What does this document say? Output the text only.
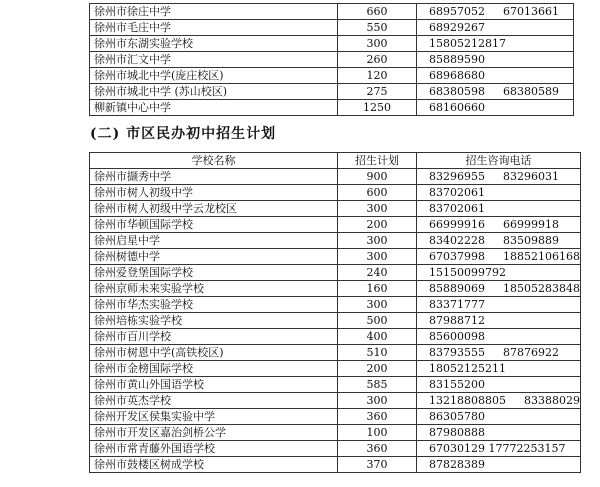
徐州市徐庄中学	660	68957052 67013661
徐州市毛庄中学	550	68929267
徐州市东湖实验学校	300	15805212817
徐州市汇文中学	260	85889590
徐州市城北中学(庞庄校区)	120	68968680
徐州市城北中学 (苏山校区)	275	68380598 68380589
柳新镇中心中学	1250	68160660
(二) 市区民办初中招生计划
学校名称	招生计划	招生咨询电话
徐州市撷秀中学	900	83296955 83296031
徐州市树人初级中学	600	83702061
徐州市树人初级中学云龙校区	300	83702061
徐州市华顿国际学校	200	66999916 66999918
徐州启星中学	300	83402228 83509889
徐州树德中学	300	67037998 18852106168
徐州爱登堡国际学校	240	15150099792
徐州京师未来实验学校	160	85889069 18505283848
徐州市华杰实验学校	300	83371777
徐州培栋实验学校	500	87988712
徐州市百川学校	400	85600098
徐州市树恩中学(高铁校区)	510	83793555 87876922
徐州市金榜国际学校	200	18052125211
徐州市黄山外国语学校	585	83155200
徐州市英杰学校	300	13218808805 83388029
徐州开发区侯集实验中学	360	86305780
徐州市开发区嘉治剑桥公学	100	87980888
徐州市常青藤外国语学校	360	67030129 17772253157
徐州市鼓楼区树成学校	370	87828389
